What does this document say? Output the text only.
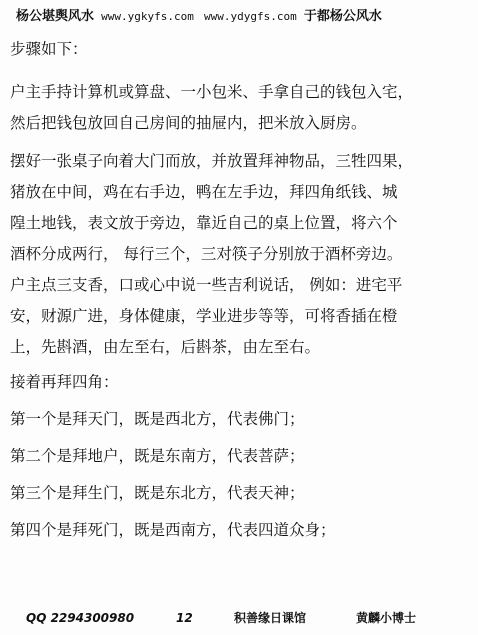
杨公堪舆风水 www.ygkyfs.com www.ydygfs.com 于都杨公风水
步骤如下：
户主手持计算机或算盘、一小包米、手拿自己的钱包入宅，
然后把钱包放回自己房间的抽屉内，把米放入厨房。
摆好一张桌子向着大门而放，并放置拜神物品，三牲四果，
猪放在中间，鸡在右手边，鸭在左手边，拜四角纸钱、城
隍土地钱，表文放于旁边，靠近自己的桌上位置，将六个
酒杯分成两行， 每行三个，三对筷子分别放于酒杯旁边。
户主点三支香，口或心中说一些吉利说话， 例如：进宅平
安，财源广进，身体健康，学业进步等等，可将香插在橙
上，先斟酒，由左至右，后斟茶，由左至右。
接着再拜四角：
第一个是拜天门，既是西北方，代表佛门；
第二个是拜地户，既是东南方，代表菩萨；
第三个是拜生门，既是东北方，代表天神；
第四个是拜死门，既是西南方，代表四道众身；
QQ 2294300980	12	积善缘日课馆	黄麟小博士
